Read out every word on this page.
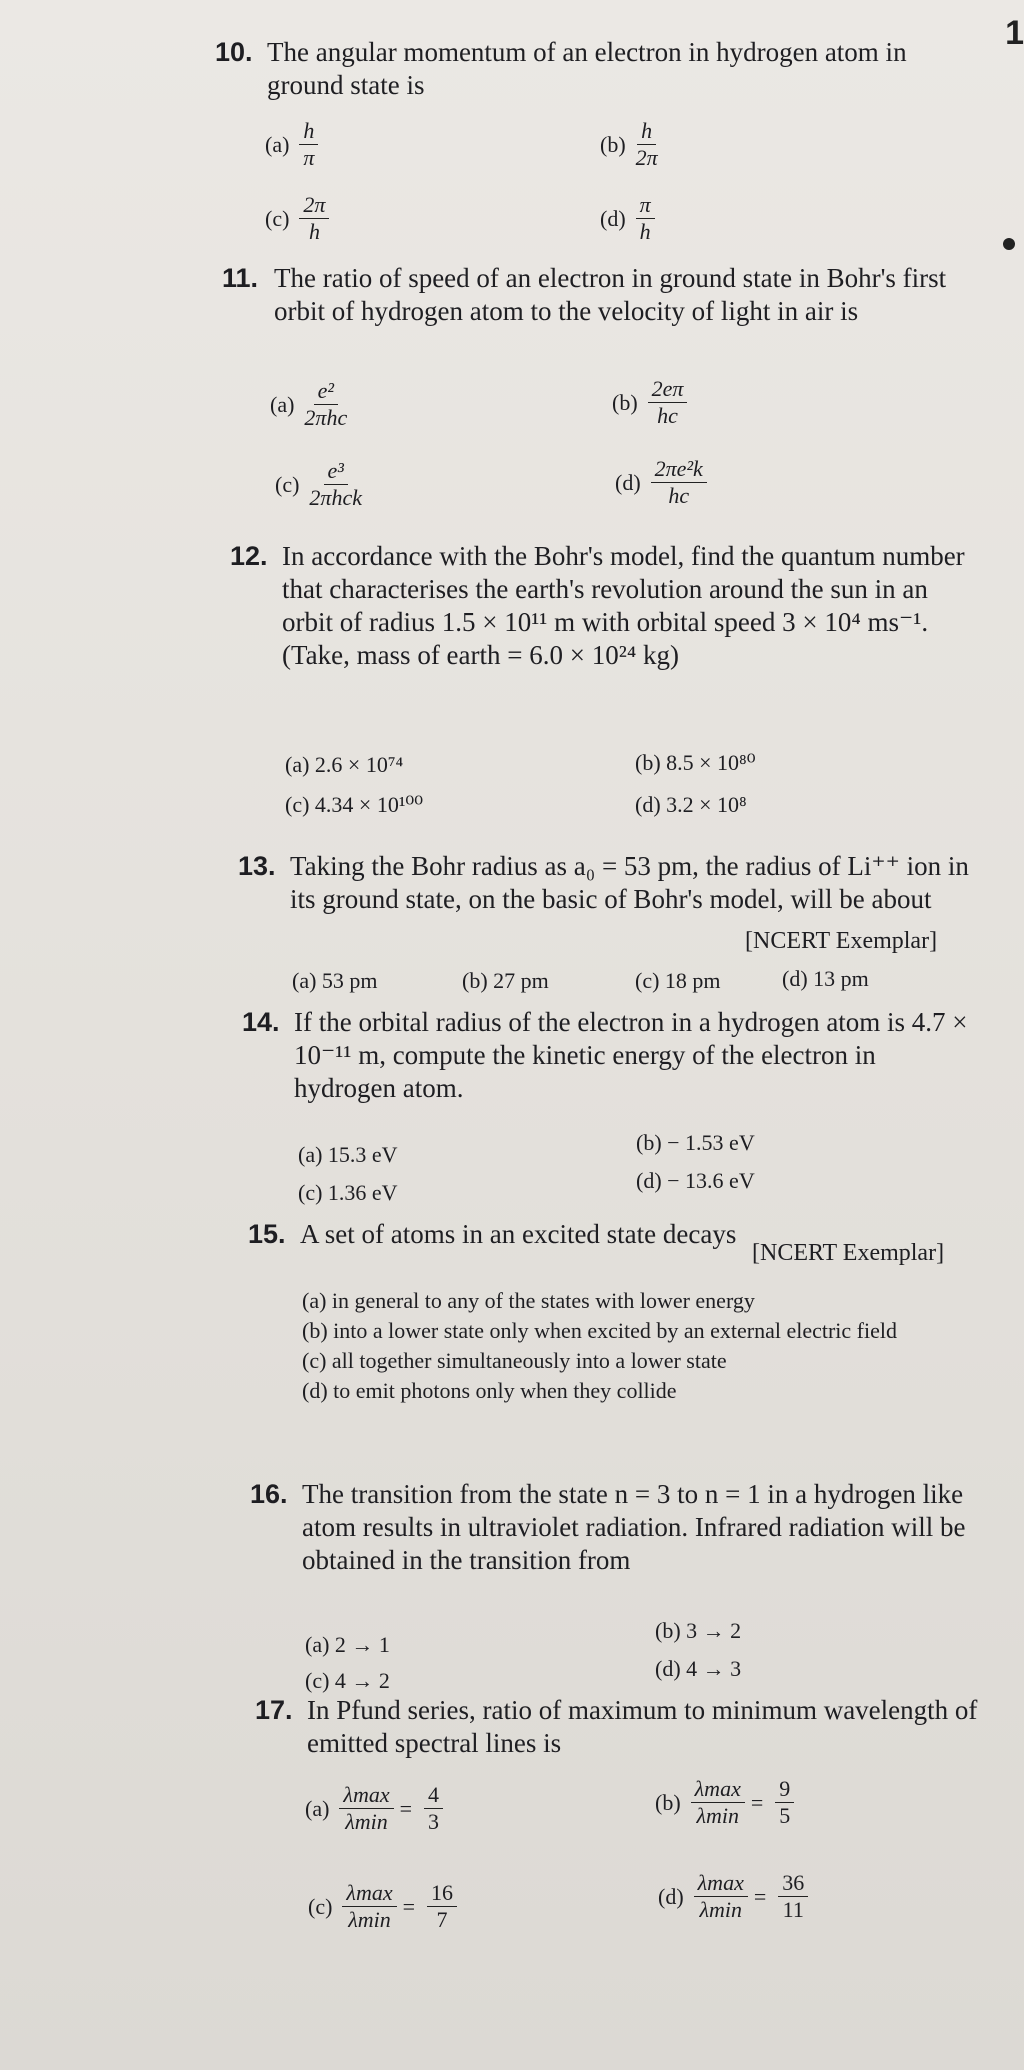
1
10. The angular momentum of an electron in hydrogen atom in ground state is
$(a) \frac{h}{\pi}$	$(b) \frac{h}{2\pi}$
$(c) \frac{2\pi}{h}$	$(d) \frac{\pi}{h}$
11. The ratio of speed of an electron in ground state in Bohr's first orbit of hydrogen atom to the velocity of light in air is
$(a) \frac{\text{e²}}{\text{2πhc}}$	$(b) \frac{2e\pi}{hc}$
$(c) \frac{\text{e³}}{\text{2πhck}}$	$(d) \frac{\text{2πe²k}}{hc}$
12. In accordance with the Bohr's model, find the quantum number that characterises the earth's revolution around the sun in an orbit of radius 1.5 × 10¹¹ m with orbital speed 3 × 10⁴ ms⁻¹.
(Take, mass of earth = 6.0 × 10²⁴ kg)
(a) 2.6 × 10⁷⁴	(b) 8.5 × 10⁸⁰
(c) 4.34 × 10¹⁰⁰	(d) 3.2 × 10⁸
13. Taking the Bohr radius as a₀ = 53 pm, the radius of Li⁺⁺ ion in its ground state, on the basic of Bohr's model, will be about
[NCERT Exemplar]
(a) 53 pm	(b) 27 pm	(c) 18 pm	(d) 13 pm
14. If the orbital radius of the electron in a hydrogen atom is 4.7 × 10⁻¹¹ m, compute the kinetic energy of the electron in hydrogen atom.
(a) 15.3 eV	(b) − 1.53 eV
(c) 1.36 eV	(d) − 13.6 eV
15. A set of atoms in an excited state decays
[NCERT Exemplar]
(a) in general to any of the states with lower energy
(b) into a lower state only when excited by an external electric field
(c) all together simultaneously into a lower state
(d) to emit photons only when they collide
16. The transition from the state n = 3 to n = 1 in a hydrogen like atom results in ultraviolet radiation. Infrared radiation will be obtained in the transition from
(a) 2 → 1
(b) 3 → 2
(c) 4 → 2	(d) 4 → 3
17. In Pfund series, ratio of maximum to minimum wavelength of emitted spectral lines is
$(a) \frac{\lambda\max}{\lambda\min} = \frac{4}{3}$	$(b) \frac{\lambda\max}{\lambda\min} = \frac{9}{5}$
$(c) \frac{\lambda\max}{\lambda\min} = \frac{16}{7}$	$(d) \frac{\lambda\max}{\lambda\min} = \frac{36}{11}$
